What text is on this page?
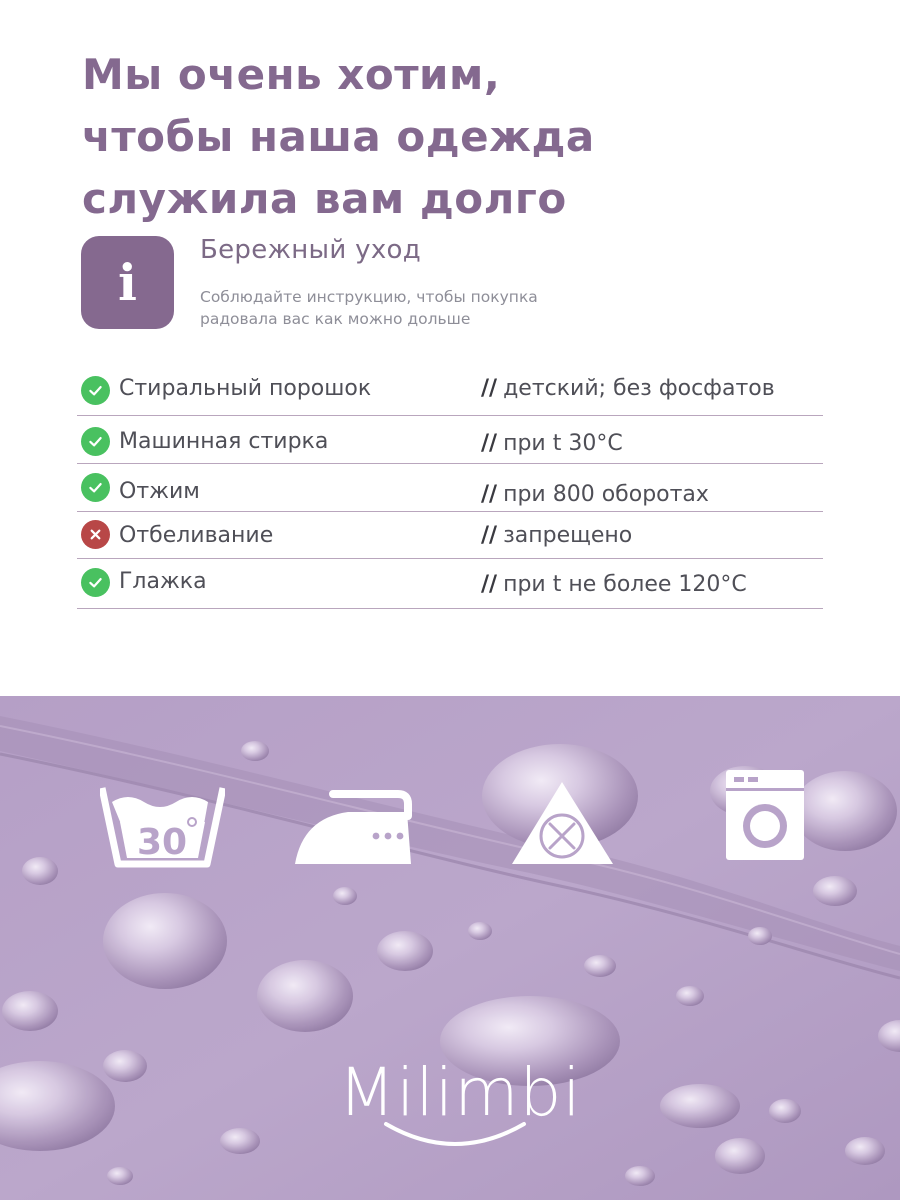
Мы очень хотим,
чтобы наша одежда
служила вам долго
i
Бережный уход
Соблюдайте инструкцию, чтобы покупка
радовала вас как можно дольше
Стиральный порошок	// детский; без фосфатов
Машинная стирка	// при t 30°C
Отжим	// при 800 оборотах
Отбеливание	// запрещено
Глажка	// при t не более 120°C
30
Milimbi
